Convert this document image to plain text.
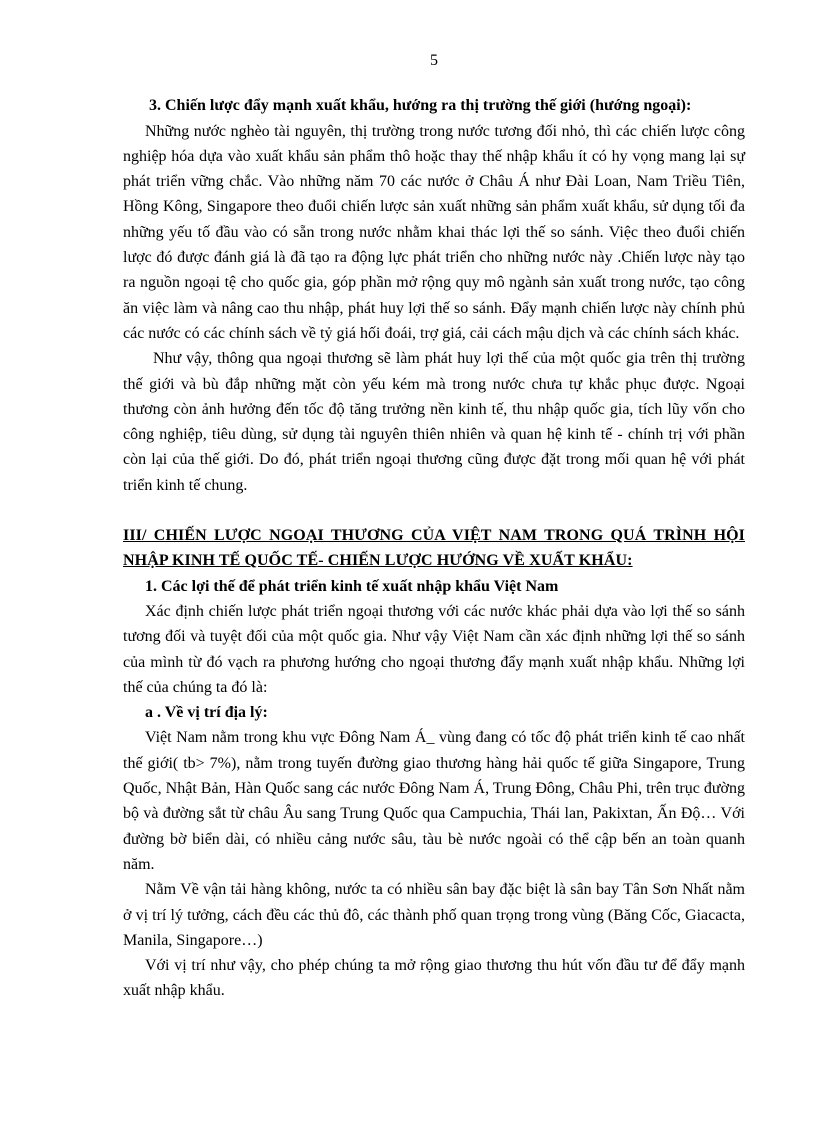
5
3. Chiến lược đẩy mạnh xuất khẩu, hướng ra thị trường thế giới (hướng ngoại):

Những nước nghèo tài nguyên, thị trường trong nước tương đối nhỏ, thì các chiến lược công nghiệp hóa dựa vào xuất khẩu sản phẩm thô hoặc thay thế nhập khẩu ít có hy vọng mang lại sự phát triển vững chắc. Vào những năm 70 các nước ở Châu Á như Đài Loan, Nam Triều Tiên, Hồng Kông, Singapore theo đuổi chiến lược sản xuất những sản phẩm xuất khẩu, sử dụng tối đa những yếu tố đầu vào có sẵn trong nước nhằm khai thác lợi thế so sánh. Việc theo đuổi chiến lược đó được đánh giá là đã tạo ra động lực phát triển cho những nước này .Chiến lược này tạo ra nguồn ngoại tệ cho quốc gia, góp phần mở rộng quy mô ngành sản xuất trong nước, tạo công ăn việc làm và nâng cao thu nhập, phát huy lợi thế so sánh. Đẩy mạnh chiến lược này chính phủ các nước có các chính sách về tỷ giá hối đoái, trợ giá, cải cách mậu dịch và các chính sách khác.

Như vậy, thông qua ngoại thương sẽ làm phát huy lợi thế của một quốc gia trên thị trường thế giới và bù đắp những mặt còn yếu kém mà trong nước chưa tự khắc phục được. Ngoại thương còn ảnh hưởng đến tốc độ tăng trưởng nền kinh tế, thu nhập quốc gia, tích lũy vốn cho công nghiệp, tiêu dùng, sử dụng tài nguyên thiên nhiên và quan hệ kinh tế - chính trị với phần còn lại của thế giới. Do đó, phát triển ngoại thương cũng được đặt trong mối quan hệ với phát triển kinh tế chung.

III/ CHIẾN LƯỢC NGOẠI THƯƠNG CỦA VIỆT NAM TRONG QUÁ TRÌNH HỘI
NHẬP KINH TẾ QUỐC TẾ- CHIẾN LƯỢC HƯỚNG VỀ XUẤT KHẨU:
1. Các lợi thế để phát triển kinh tế xuất nhập khẩu Việt Nam

Xác định chiến lược phát triển ngoại thương với các nước khác phải dựa vào lợi thế so sánh tương đối và tuyệt đối của một quốc gia. Như vậy Việt Nam cần xác định những lợi thế so sánh của mình từ đó vạch ra phương hướng cho ngoại thương đẩy mạnh xuất nhập khẩu. Những lợi thế của chúng ta đó là:

a . Về vị trí địa lý:

Việt Nam nằm trong khu vực Đông Nam Á_ vùng đang có tốc độ phát triển kinh tế cao nhất thế giới( tb> 7%), nằm trong tuyến đường giao thương hàng hải quốc tế giữa Singapore, Trung Quốc, Nhật Bản, Hàn Quốc sang các nước Đông Nam Á, Trung Đông, Châu Phi, trên trục đường bộ và đường sắt từ châu Âu sang Trung Quốc qua Campuchia, Thái lan, Pakixtan, Ấn Độ… Với đường bờ biển dài, có nhiều cảng nước sâu, tàu bè nước ngoài có thể cập bến an toàn quanh năm.

Nằm Về vận tải hàng không, nước ta có nhiều sân bay đặc biệt là sân bay Tân Sơn Nhất nằm ở vị trí lý tưởng, cách đều các thủ đô, các thành phố quan trọng trong vùng (Băng Cốc, Giacacta, Manila, Singapore…)

Với vị trí như vậy, cho phép chúng ta mở rộng giao thương thu hút vốn đầu tư để đẩy mạnh xuất nhập khẩu.
